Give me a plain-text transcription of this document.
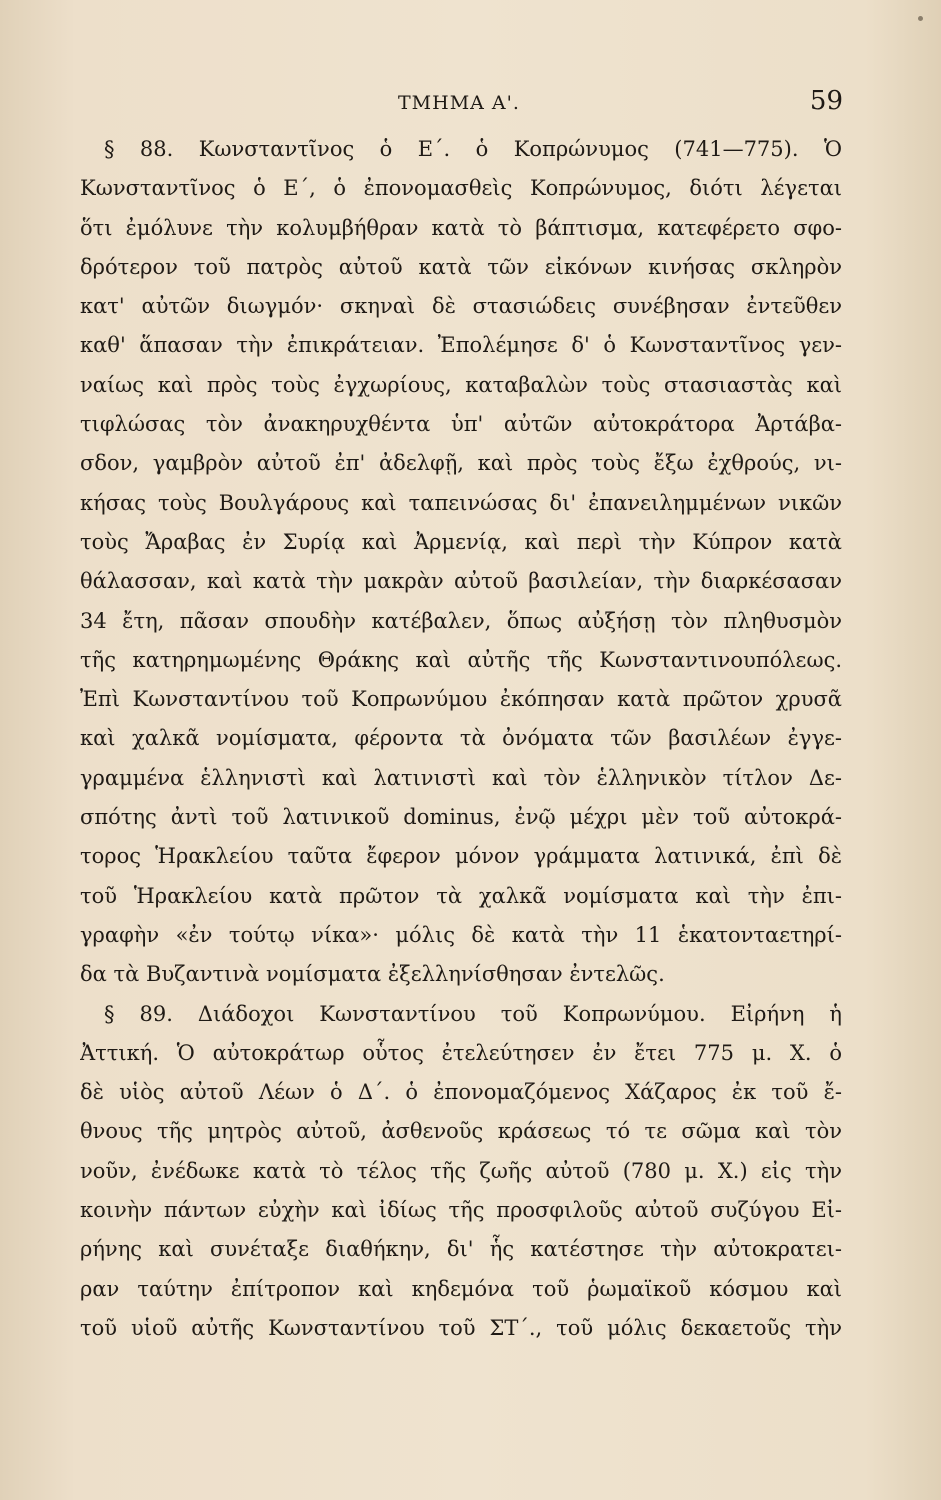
ΤΜΗΜΑ Α'.	59
§ 88. Κωνσταντῖνος ὁ Ε΄. ὁ Κοπρώνυμος (741—775). Ὁ
Κωνσταντῖνος ὁ Ε΄, ὁ ἐπονομασθεὶς Κοπρώνυμος, διότι λέγεται
ὅτι ἐμόλυνε τὴν κολυμβήθραν κατὰ τὸ βάπτισμα, κατεφέρετο σφο-
δρότερον τοῦ πατρὸς αὐτοῦ κατὰ τῶν εἰκόνων κινήσας σκληρὸν
κατ' αὐτῶν διωγμόν· σκηναὶ δὲ στασιώδεις συνέβησαν ἐντεῦθεν
καθ' ἅπασαν τὴν ἐπικράτειαν. Ἐπολέμησε δ' ὁ Κωνσταντῖνος γεν-
ναίως καὶ πρὸς τοὺς ἐγχωρίους, καταβαλὼν τοὺς στασιαστὰς καὶ
τιφλώσας τὸν ἀνακηρυχθέντα ὑπ' αὐτῶν αὐτοκράτορα Ἀρτάβα-
σδον, γαμβρὸν αὐτοῦ ἐπ' ἀδελφῇ, καὶ πρὸς τοὺς ἔξω ἐχθρούς, νι-
κήσας τοὺς Βουλγάρους καὶ ταπεινώσας δι' ἐπανειλημμένων νικῶν
τοὺς Ἄραβας ἐν Συρίᾳ καὶ Ἀρμενίᾳ, καὶ περὶ τὴν Κύπρον κατὰ
θάλασσαν, καὶ κατὰ τὴν μακρὰν αὐτοῦ βασιλείαν, τὴν διαρκέσασαν
34 ἔτη, πᾶσαν σπουδὴν κατέβαλεν, ὅπως αὐξήσῃ τὸν πληθυσμὸν
τῆς κατηρημωμένης Θράκης καὶ αὐτῆς τῆς Κωνσταντινουπόλεως.
Ἐπὶ Κωνσταντίνου τοῦ Κοπρωνύμου ἐκόπησαν κατὰ πρῶτον χρυσᾶ
καὶ χαλκᾶ νομίσματα, φέροντα τὰ ὀνόματα τῶν βασιλέων ἐγγε-
γραμμένα ἑλληνιστὶ καὶ λατινιστὶ καὶ τὸν ἑλληνικὸν τίτλον Δε-
σπότης ἀντὶ τοῦ λατινικοῦ dominus, ἐνῷ μέχρι μὲν τοῦ αὐτοκρά-
τορος Ἡρακλείου ταῦτα ἔφερον μόνον γράμματα λατινικά, ἐπὶ δὲ
τοῦ Ἡρακλείου κατὰ πρῶτον τὰ χαλκᾶ νομίσματα καὶ τὴν ἐπι-
γραφὴν «ἐν τούτῳ νίκα»· μόλις δὲ κατὰ τὴν 11 ἑκατονταετηρί-
δα τὰ Βυζαντινὰ νομίσματα ἐξελληνίσθησαν ἐντελῶς.
§ 89. Διάδοχοι Κωνσταντίνου τοῦ Κοπρωνύμου. Εἰρήνη ἡ
Ἀττική. Ὁ αὐτοκράτωρ οὗτος ἐτελεύτησεν ἐν ἔτει 775 μ. Χ. ὁ
δὲ υἱὸς αὐτοῦ Λέων ὁ Δ΄. ὁ ἐπονομαζόμενος Χάζαρος ἐκ τοῦ ἔ-
θνους τῆς μητρὸς αὐτοῦ, ἀσθενοῦς κράσεως τό τε σῶμα καὶ τὸν
νοῦν, ἐνέδωκε κατὰ τὸ τέλος τῆς ζωῆς αὐτοῦ (780 μ. Χ.) εἰς τὴν
κοινὴν πάντων εὐχὴν καὶ ἰδίως τῆς προσφιλοῦς αὐτοῦ συζύγου Εἰ-
ρήνης καὶ συνέταξε διαθήκην, δι' ἧς κατέστησε τὴν αὐτοκρατει-
ραν ταύτην ἐπίτροπον καὶ κηδεμόνα τοῦ ῥωμαϊκοῦ κόσμου καὶ
τοῦ υἱοῦ αὐτῆς Κωνσταντίνου τοῦ ΣΤ΄., τοῦ μόλις δεκαετοῦς τὴν
